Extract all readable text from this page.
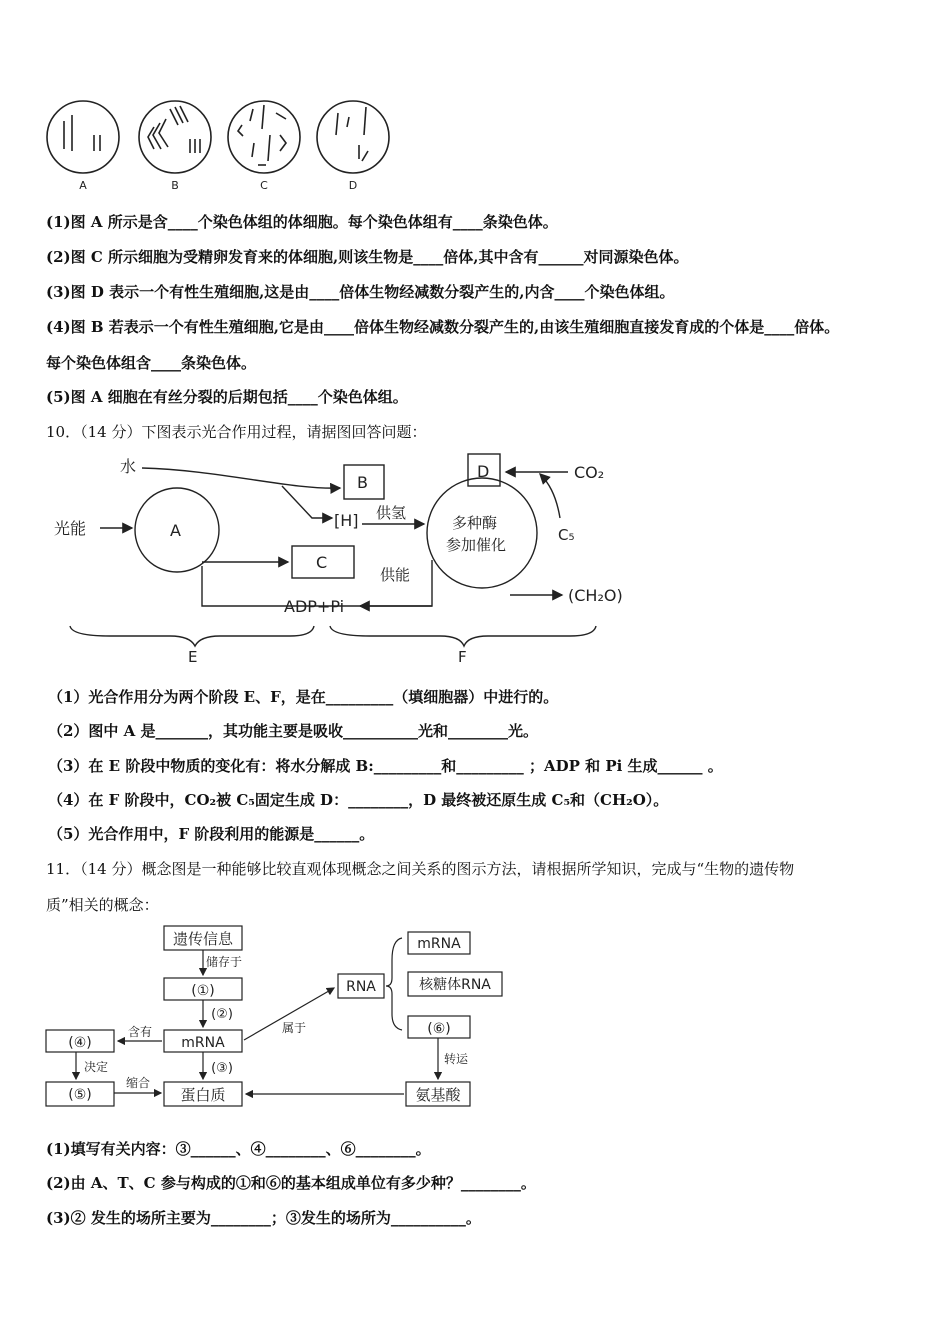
A	B	C	D
(1)图 A 所示是含____个染色体组的体细胞。每个染色体组有____条染色体。
(2)图 C 所示细胞为受精卵发育来的体细胞,则该生物是____倍体,其中含有______对同源染色体。
(3)图 D 表示一个有性生殖细胞,这是由____倍体生物经减数分裂产生的,内含____个染色体组。
(4)图 B 若表示一个有性生殖细胞,它是由____倍体生物经减数分裂产生的,由该生殖细胞直接发育成的个体是____倍体。
每个染色体组含____条染色体。
(5)图 A 细胞在有丝分裂的后期包括____个染色体组。
10．（14 分）下图表示光合作用过程，请据图回答问题：
水
光能	A
B
C
D
[H] 供氢
供能
多种酶
参加催化
CO₂
C₅
(CH₂O)
ADP+Pi
E	F
（1）光合作用分为两个阶段 E、F，是在_________（填细胞器）中进行的。
（2）图中 A 是_______，其功能主要是吸收__________光和________光。
（3）在 E 阶段中物质的变化有：将水分解成 B:_________和_________ ；ADP 和 Pi 生成______ 。
（4）在 F 阶段中，CO₂被 C₅固定生成 D：________，D 最终被还原生成 C₅和（CH₂O）。
（5）光合作用中，F 阶段利用的能源是______。
11．（14 分）概念图是一种能够比较直观体现概念之间关系的图示方法，请根据所学知识，完成与“生物的遗传物
质”相关的概念：
遗传信息
储存于
(①)
(②)
mRNA
(③)
(④)
含有
决定
(⑤)
缩合
蛋白质
属于
RNA
mRNA
核糖体RNA
(⑥)
转运
氨基酸
(1)填写有关内容：③______、④________、⑥________。
(2)由 A、T、C 参与构成的①和⑥的基本组成单位有多少种？________。
(3)② 发生的场所主要为________；③发生的场所为__________。
